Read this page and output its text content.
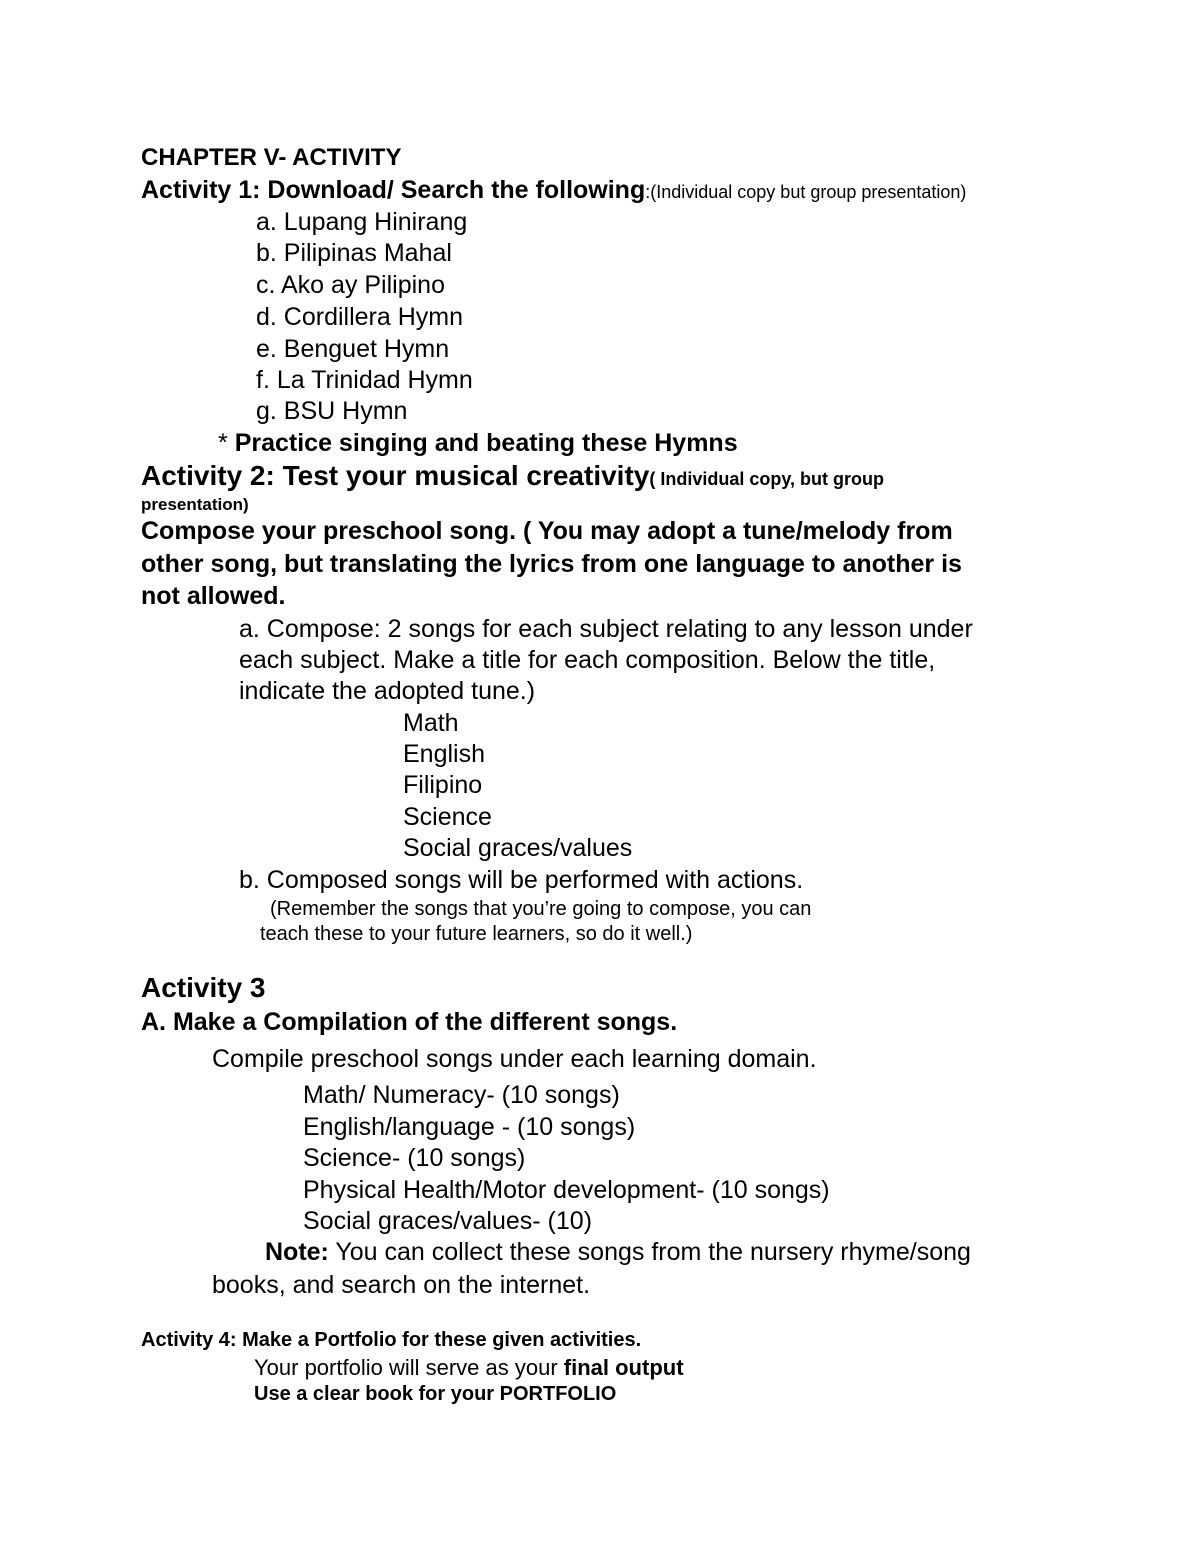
CHAPTER V- ACTIVITY
Activity 1: Download/ Search the following:(Individual copy but group presentation)
a. Lupang Hinirang
b. Pilipinas Mahal
c. Ako ay Pilipino
d. Cordillera Hymn
e. Benguet Hymn
f. La Trinidad Hymn
g. BSU Hymn
* Practice singing and beating these Hymns
Activity 2: Test your musical creativity( Individual copy, but group
presentation)
Compose your preschool song. ( You may adopt a tune/melody from
other song, but translating the lyrics from one language to another is
not allowed.
a. Compose: 2 songs for each subject relating to any lesson under
each subject. Make a title for each composition. Below the title,
indicate the adopted tune.)
Math
English
Filipino
Science
Social graces/values
b. Composed songs will be performed with actions.
(Remember the songs that you’re going to compose, you can
teach these to your future learners, so do it well.)
Activity 3
A. Make a Compilation of the different songs.
Compile preschool songs under each learning domain.
Math/ Numeracy- (10 songs)
English/language - (10 songs)
Science- (10 songs)
Physical Health/Motor development- (10 songs)
Social graces/values- (10)
Note: You can collect these songs from the nursery rhyme/song
books, and search on the internet.
Activity 4: Make a Portfolio for these given activities.
Your portfolio will serve as your final output
Use a clear book for your PORTFOLIO
